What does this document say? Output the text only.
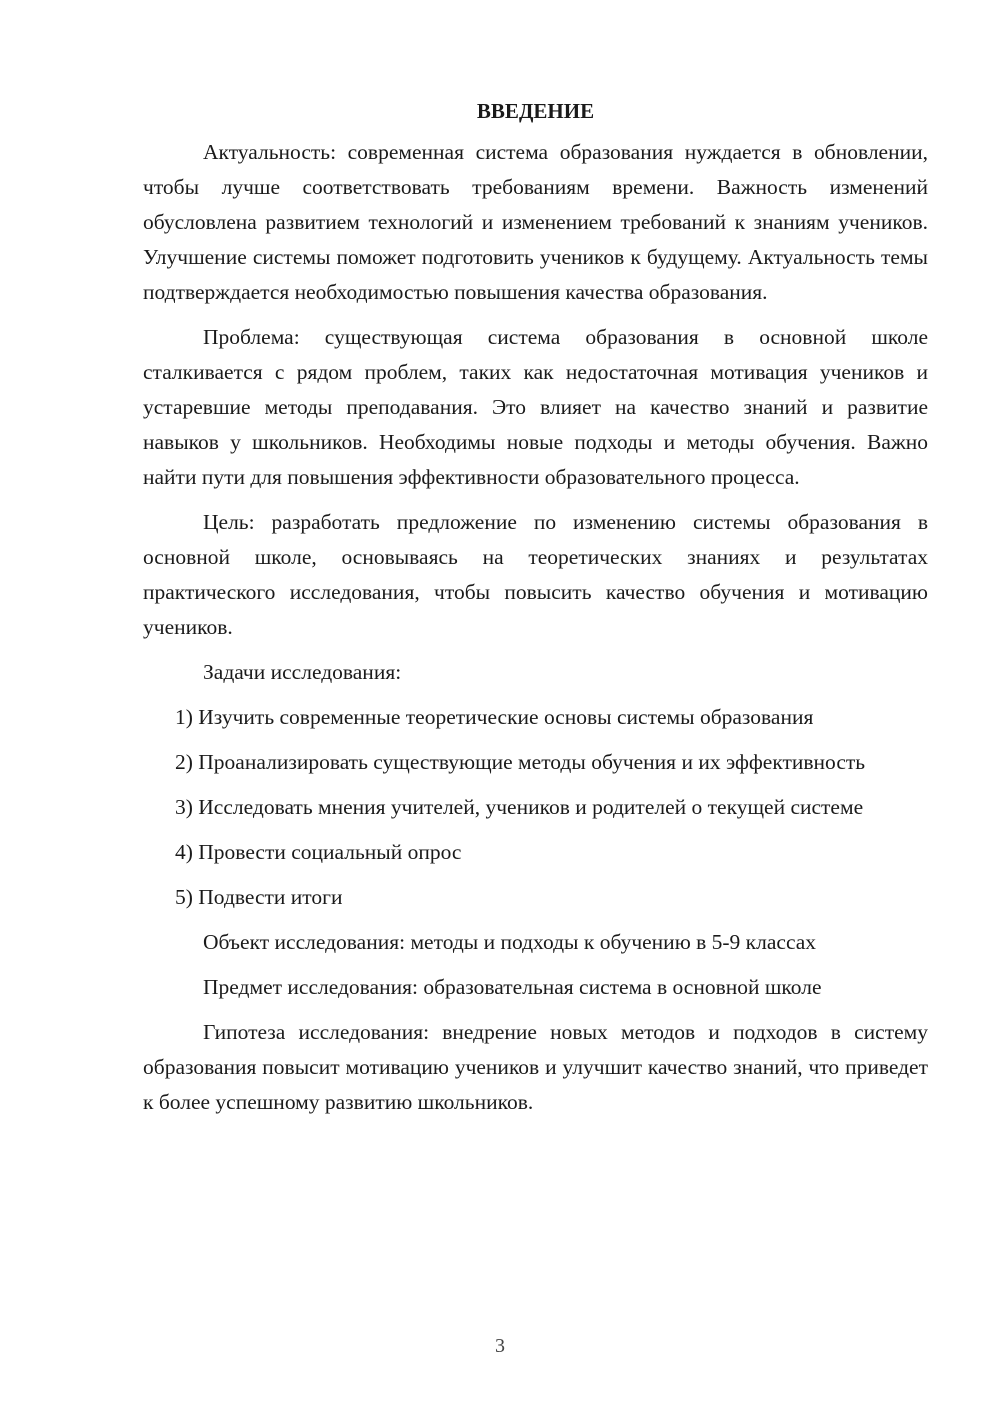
ВВЕДЕНИЕ

Актуальность: современная система образования нуждается в обновлении, чтобы лучше соответствовать требованиям времени. Важность изменений обусловлена развитием технологий и изменением требований к знаниям учеников. Улучшение системы поможет подготовить учеников к будущему. Актуальность темы подтверждается необходимостью повышения качества образования.

Проблема: существующая система образования в основной школе сталкивается с рядом проблем, таких как недостаточная мотивация учеников и устаревшие методы преподавания. Это влияет на качество знаний и развитие навыков у школьников. Необходимы новые подходы и методы обучения. Важно найти пути для повышения эффективности образовательного процесса.

Цель: разработать предложение по изменению системы образования в основной школе, основываясь на теоретических знаниях и результатах практического исследования, чтобы повысить качество обучения и мотивацию учеников.

Задачи исследования:

1) Изучить современные теоретические основы системы образования

2) Проанализировать существующие методы обучения и их эффективность

3) Исследовать мнения учителей, учеников и родителей о текущей системе

4) Провести социальный опрос

5) Подвести итоги

Объект исследования: методы и подходы к обучению в 5-9 классах

Предмет исследования: образовательная система в основной школе

Гипотеза исследования: внедрение новых методов и подходов в систему образования повысит мотивацию учеников и улучшит качество знаний, что приведет к более успешному развитию школьников.

3
